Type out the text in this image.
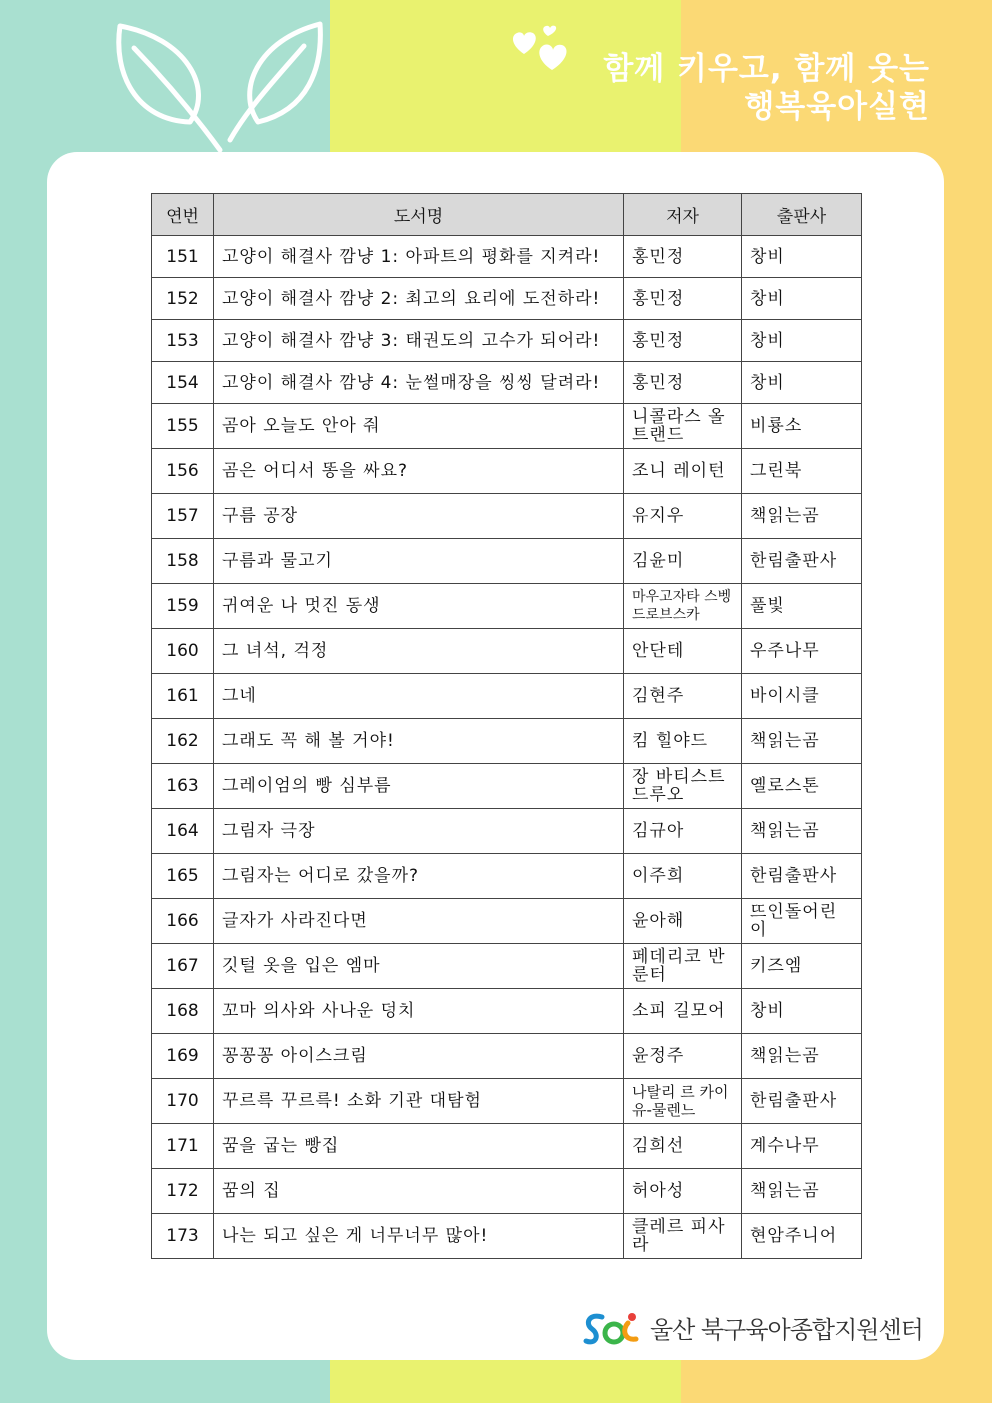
함께 키우고, 함께 웃는
행복육아실현
연번	도서명	저자	출판사
151	고양이 해결사 깜냥 1: 아파트의 평화를 지켜라!	홍민정	창비
152	고양이 해결사 깜냥 2: 최고의 요리에 도전하라!	홍민정	창비
153	고양이 해결사 깜냥 3: 태권도의 고수가 되어라!	홍민정	창비
154	고양이 해결사 깜냥 4: 눈썰매장을 씽씽 달려라!	홍민정	창비
155	곰아 오늘도 안아 줘	니콜라스 올트랜드	비룡소
156	곰은 어디서 똥을 싸요?	조니 레이턴	그린북
157	구름 공장	유지우	책읽는곰
158	구름과 물고기	김윤미	한림출판사
159	귀여운 나 멋진 동생	마우고자타 스벵드로브스카	풀빛
160	그 녀석, 걱정	안단테	우주나무
161	그네	김현주	바이시클
162	그래도 꼭 해 볼 거야!	킴 힐야드	책읽는곰
163	그레이엄의 빵 심부름	장 바티스트 드루오	옐로스톤
164	그림자 극장	김규아	책읽는곰
165	그림자는 어디로 갔을까?	이주희	한림출판사
166	글자가 사라진다면	윤아해	뜨인돌어린이
167	깃털 옷을 입은 엠마	페데리코 반 룬터	키즈엠
168	꼬마 의사와 사나운 덩치	소피 길모어	창비
169	꽁꽁꽁 아이스크림	윤정주	책읽는곰
170	꾸르륵 꾸르륵! 소화 기관 대탐험	나탈리 르 카이유-물렌느	한림출판사
171	꿈을 굽는 빵집	김희선	계수나무
172	꿈의 집	허아성	책읽는곰
173	나는 되고 싶은 게 너무너무 많아!	클레르 피사라	현암주니어
울산 북구육아종합지원센터
